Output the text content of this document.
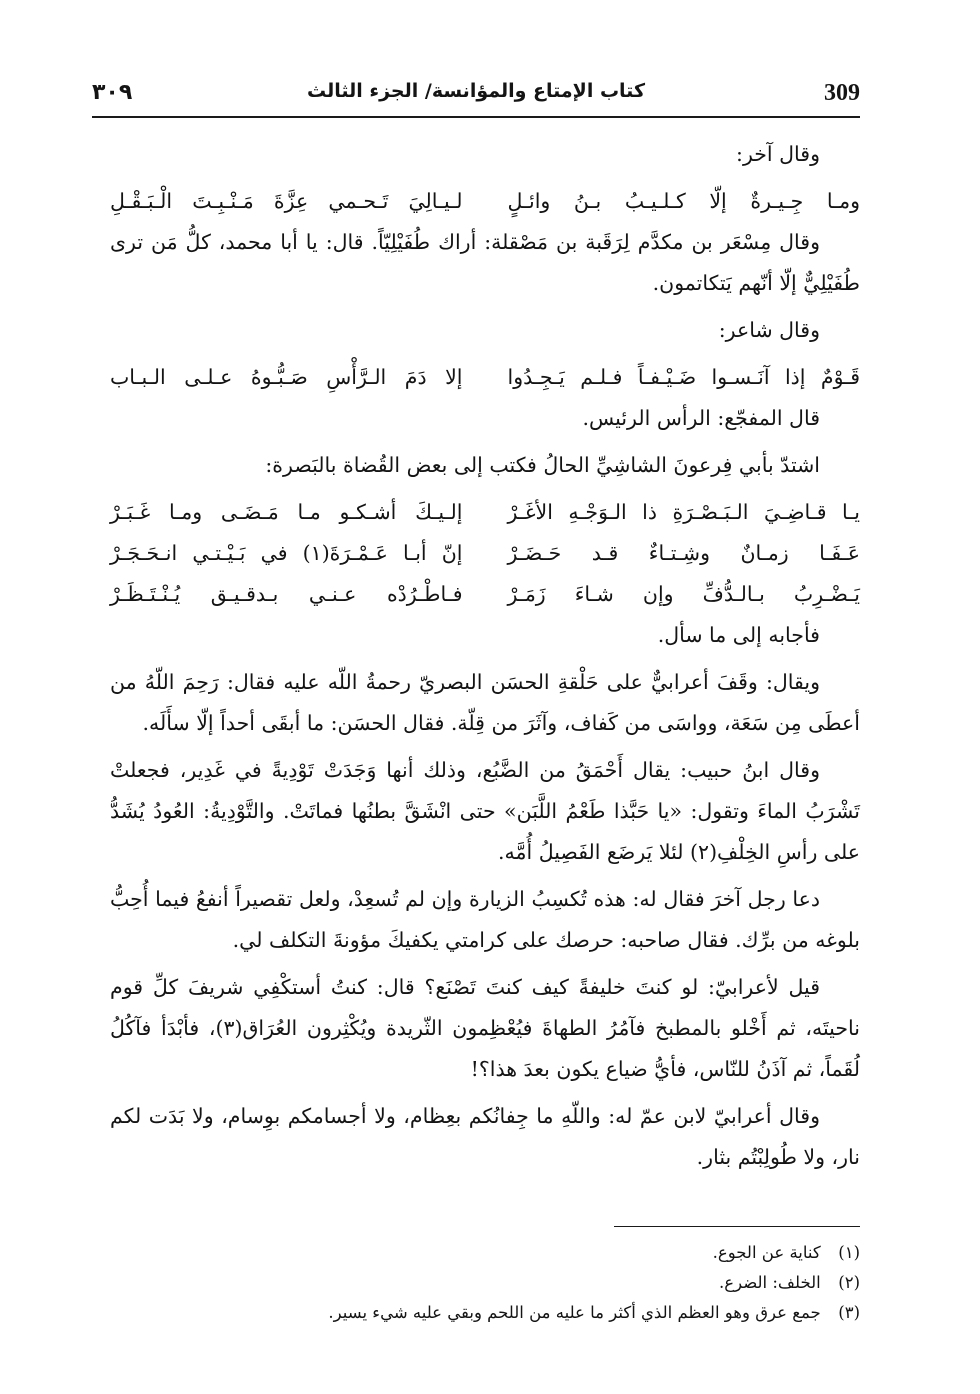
309
كتاب الإمتاع والمؤانسة/ الجزء الثالث
٣٠٩

وقال آخر:

ومـا جِـيـرةٌ إلّا كـلـيـبُ بـنُ وائـلٍ
لـيـالِيَ تَـحـمي عِزَّةَ مَـنْـبِـتَ الْـبَـقْـلِ

وقال مِسْعَر بن مكدَّم لِرَقَبة بن مَصْقلة: أراك طُفَيْلِيّاً. قال: يا أبا محمد، كلُّ مَن ترى طُفَيْلِيٌّ إلّا أنّهم يَتكاتمون.

وقال شاعر:

قَـوْمٌ إذا آنَـسـوا ضَـيْـفـاً فـلـم يَـجِـدُوا
إلا دَمَ الـرَّأْسِ صَـبُّـوهُ عـلـى الـبـاب

قال المفجّع: الرأس الرئيس.

اشتدّ بأبي فِرعونَ الشاشِيِّ الحالُ فكتب إلى بعض القُضاة بالبَصرة:

يـا قـاضِـيَ الـبَـصْـرَةِ ذا الـوَجْـهِ الأغَـرْ
إلـيـكَ أشـكـو مـا مَـضَـى ومـا غَـبَـرْ
عَـفَـا زمـانٌ وشِـتـاءٌ قـد حَـضَـرْ
إنّ أبـا عَـمْـرَةَ(١) في بَـيْـتـي انـحَـجَـرْ
يَـضْـرِبُ بـالـدُّفِّ وإن شـاءَ زَمَـرْ
فـاطْـرُدْه عـنـي بـدقـيـق يُـنْـتَـظَـرْ

فأجابه إلى ما سأل.

ويقال: وقَفَ أعرابيٌّ على حَلْقةِ الحسَن البصريّ رحمةُ اللّه عليه فقال: رَحِمَ اللّهُ من أعطَى مِن سَعَة، وواسَى من كَفاف، وآثَرَ من قِلّة. فقال الحسَن: ما أبقَى أحداً إلّا سأَلَه.

وقال ابنُ حبيب: يقال أَحْمَقُ من الضَّبُع، وذلك أنها وَجَدَتْ تَوْدِيةً في غَدِير، فجعلتْ تَشْرَبُ الماءَ وتقول: «يا حَبَّذا طَعْمُ اللَّبَن» حتى انْشَقَّ بطنُها فماتَتْ. والتَّوْدِيةُ: العُودُ يُشَدُّ على رأسِ الخِلْفِ(٢) لئلا يَرضَع الفَصِيلُ أُمَّه.

دعا رجل آخرَ فقال له: هذه تُكسِبُ الزيارة وإن لم تُسعِدْ، ولعل تقصيراً أنفعُ فيما أُحِبُّ بلوغه من برِّك. فقال صاحبه: حرصك على كرامتي يكفيكَ مؤونةَ التكلف لي.

قيل لأعرابيّ: لو كنتَ خليفةً كيف كنتَ تَصْنَع؟ قال: كنتُ أستكْفِي شريفَ كلِّ قوم ناحيتَه، ثم أَخْلو بالمطبخ فآمُرُ الطهاةَ فيُعْظِمون الثّريدة ويُكْثِرون العُرَاق(٣)، فأبْدَأ فآكُلُ لُقَماً، ثم آذَنُ للنّاس، فأيُّ ضياع يكون بعدَ هذا؟!

وقال أعرابيّ لابن عمّ له: واللّهِ ما جِفانُكم بعِظام، ولا أجسامكم بوِسام، ولا بَدَت لكم نار، ولا طُولِبْتُم بثار.

(١) كناية عن الجوع.

(٢) الخلف: الضرع.

(٣) جمع عرق وهو العظم الذي أكثر ما عليه من اللحم وبقي عليه شيء يسير.
